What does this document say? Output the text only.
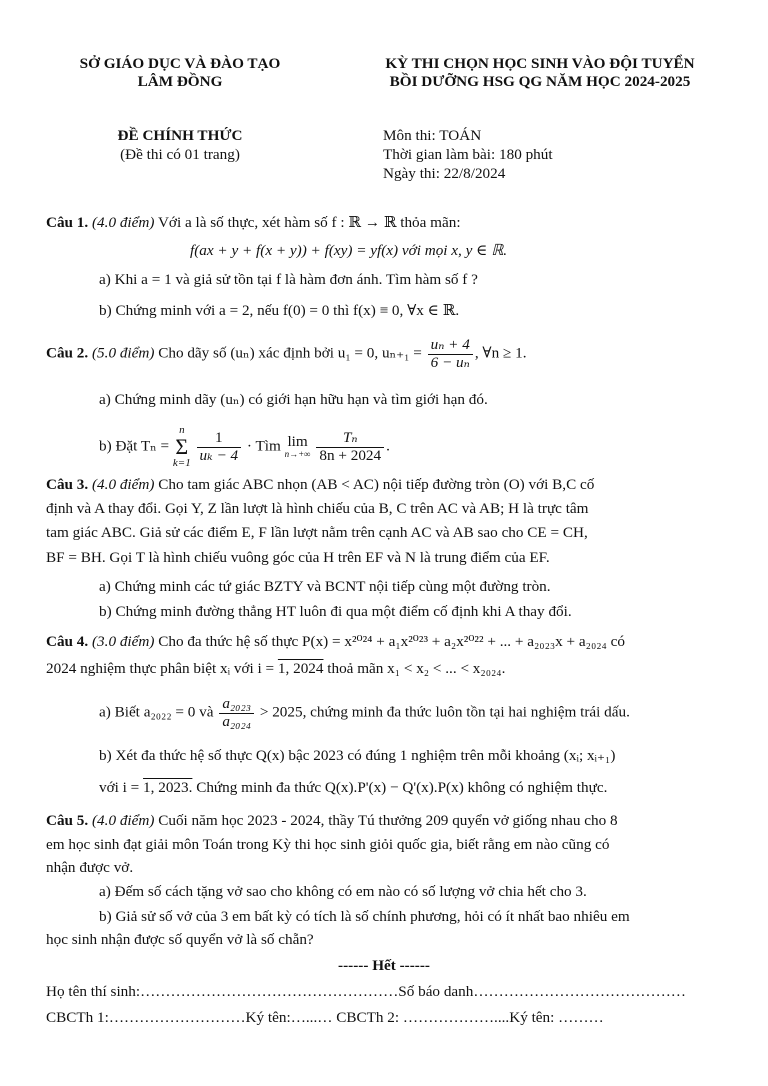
SỞ GIÁO DỤC VÀ ĐÀO TẠO
LÂM ĐỒNG
KỲ THI CHỌN HỌC SINH VÀO ĐỘI TUYỂN
BỒI DƯỠNG HSG QG NĂM HỌC 2024-2025
ĐỀ CHÍNH THỨC
(Đề thi có 01 trang)
Môn thi: TOÁN
Thời gian làm bài: 180 phút
Ngày thi: 22/8/2024
Câu 1. (4.0 điểm) Với a là số thực, xét hàm số f : ℝ → ℝ thỏa mãn:
f(ax + y + f(x + y)) + f(xy) = yf(x) với mọi x, y ∈ ℝ.
a) Khi a = 1 và giả sử tồn tại f là hàm đơn ánh. Tìm hàm số f ?
b) Chứng minh với a = 2, nếu f(0) = 0 thì f(x) ≡ 0, ∀x ∈ ℝ.
Câu 2. (5.0 điểm) Cho dãy số (uₙ) xác định bởi u₁ = 0, $u_{n+1} = \frac{\text{uₙ + 4}}{\text{6 − uₙ}}$ , ∀n ≥ 1.
a) Chứng minh dãy (uₙ) có giới hạn hữu hạn và tìm giới hạn đó.
b) Đặt Tₙ =
n
Σ
k=1
$\frac{1}{\text{uₖ − 4}}$ · Tìm lim
n→+∞
$\frac{\text{Tₙ}}{8n + 2024}$ .
Câu 3. (4.0 điểm) Cho tam giác ABC nhọn (AB < AC) nội tiếp đường tròn (O) với B,C cố
định và A thay đổi. Gọi Y, Z lần lượt là hình chiếu của B, C trên AC và AB; H là trực tâm
tam giác ABC. Giả sử các điểm E, F lần lượt nằm trên cạnh AC và AB sao cho CE = CH,
BF = BH. Gọi T là hình chiếu vuông góc của H trên EF và N là trung điểm của EF.
a) Chứng minh các tứ giác BZTY và BCNT nội tiếp cùng một đường tròn.
b) Chứng minh đường thẳng HT luôn đi qua một điểm cố định khi A thay đổi.
Câu 4. (3.0 điểm) Cho đa thức hệ số thực P(x) = x²⁰²⁴ + a₁x²⁰²³ + a₂x²⁰²² + ... + a₂₀₂₃x + a₂₀₂₄ có
2024 nghiệm thực phân biệt xᵢ với i = 1, 2024 thoả mãn x₁ < x₂ < ... < x₂₀₂₄.
a) Biết a₂₀₂₂ = 0 và $\frac{\text{a₂₀₂₃}}{\text{a₂₀₂₄}} > 2025$, chứng minh đa thức luôn tồn tại hai nghiệm trái dấu.
b) Xét đa thức hệ số thực Q(x) bậc 2023 có đúng 1 nghiệm trên mỗi khoảng (xᵢ; xᵢ₊₁)
với i = 1, 2023. Chứng minh đa thức Q(x).P'(x) − Q'(x).P(x) không có nghiệm thực.
Câu 5. (4.0 điểm) Cuối năm học 2023 - 2024, thầy Tú thưởng 209 quyển vở giống nhau cho 8
em học sinh đạt giải môn Toán trong Kỳ thi học sinh giỏi quốc gia, biết rằng em nào cũng có
nhận được vở.
a) Đếm số cách tặng vở sao cho không có em nào có số lượng vở chia hết cho 3.
b) Giả sử số vở của 3 em bất kỳ có tích là số chính phương, hỏi có ít nhất bao nhiêu em
học sinh nhận được số quyển vở là số chẵn?
------ Hết ------
Họ tên thí sinh:……………………………………………Số báo danh……………………………………
CBCTh 1:………………………Ký tên:…...… CBCTh 2: ………………....Ký tên: ………
